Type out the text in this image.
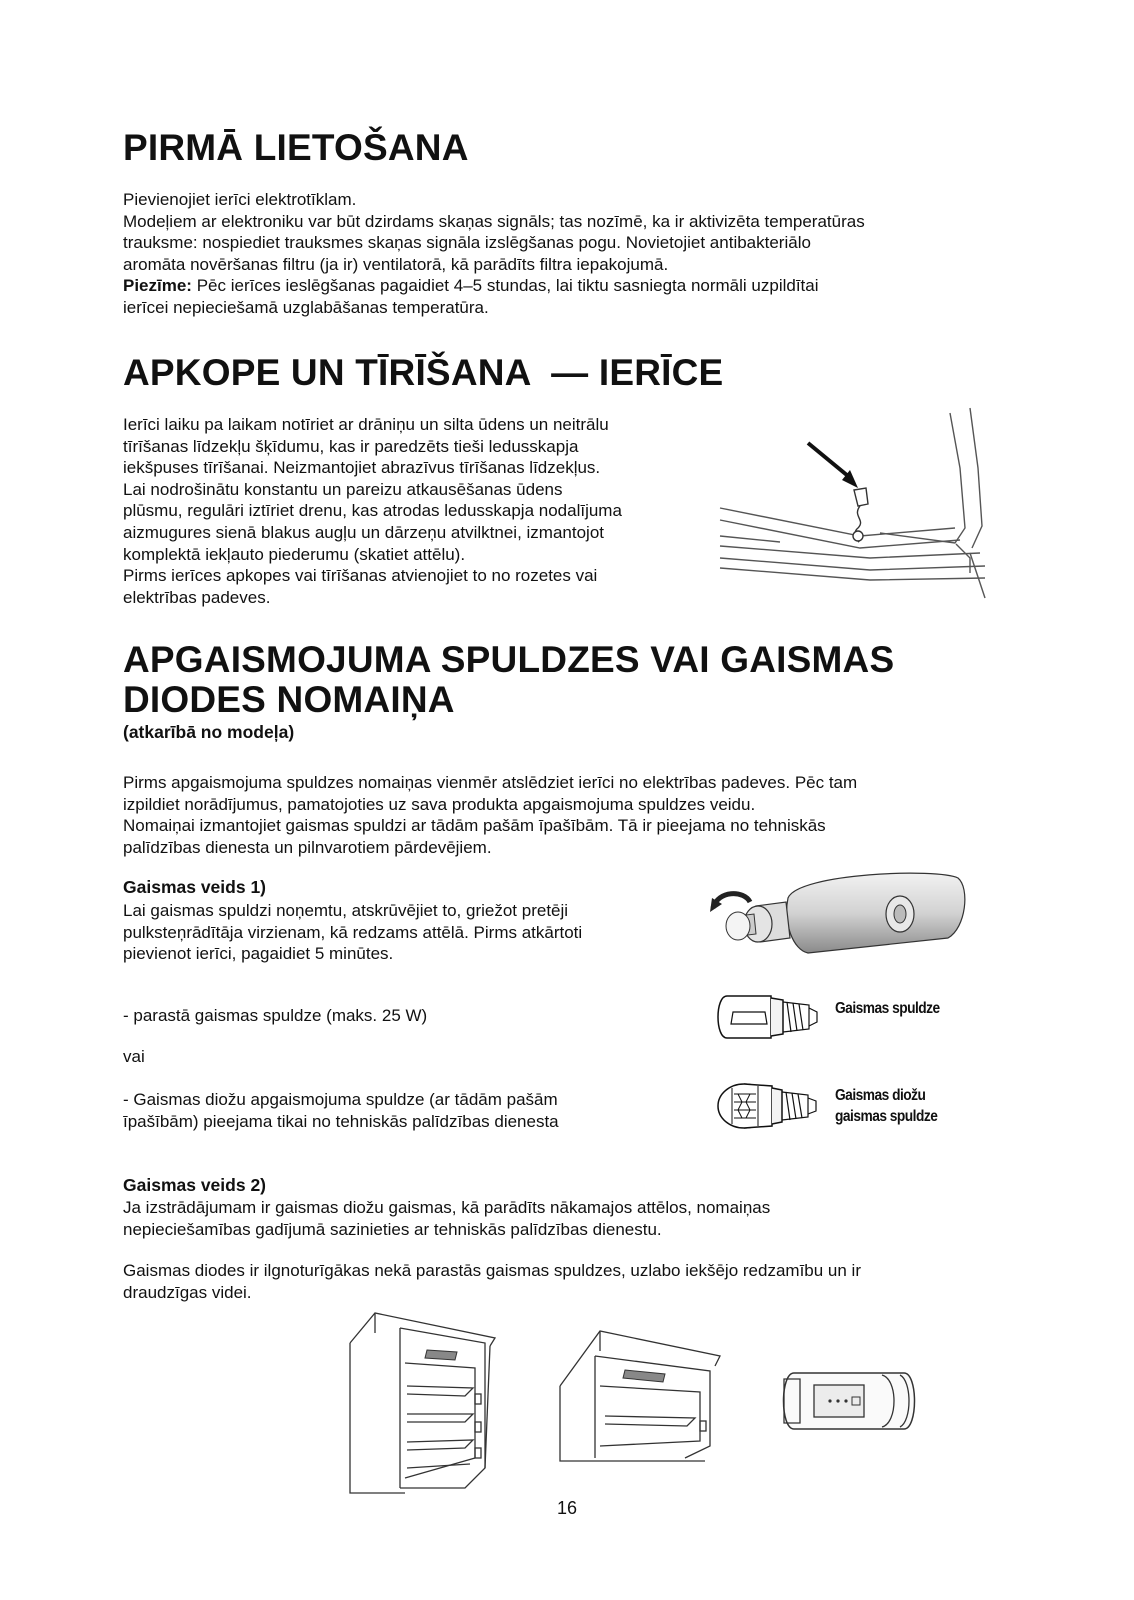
PIRMĀ LIETOŠANA
Pievienojiet ierīci elektrotīklam.
Modeļiem ar elektroniku var būt dzirdams skaņas signāls; tas nozīmē, ka ir aktivizēta temperatūras
trauksme: nospiediet trauksmes skaņas signāla izslēgšanas pogu. Novietojiet antibakteriālo
aromāta novēršanas filtru (ja ir) ventilatorā, kā parādīts filtra iepakojumā.
Piezīme: Pēc ierīces ieslēgšanas pagaidiet 4–5 stundas, lai tiktu sasniegta normāli uzpildītai
ierīcei nepieciešamā uzglabāšanas temperatūra.
APKOPE UN TĪRĪŠANA  — IERĪCE
Ierīci laiku pa laikam notīriet ar drāniņu un silta ūdens un neitrālu
tīrīšanas līdzekļu šķīdumu, kas ir paredzēts tieši ledusskapja
iekšpuses tīrīšanai. Neizmantojiet abrazīvus tīrīšanas līdzekļus.
Lai nodrošinātu konstantu un pareizu atkausēšanas ūdens
plūsmu, regulāri iztīriet drenu, kas atrodas ledusskapja nodalījuma
aizmugures sienā blakus augļu un dārzeņu atvilktnei, izmantojot
komplektā iekļauto piederumu (skatiet attēlu).
Pirms ierīces apkopes vai tīrīšanas atvienojiet to no rozetes vai
elektrības padeves.
APGAISMOJUMA SPULDZES VAI GAISMAS
DIODES NOMAIŅA
(atkarībā no modeļa)
Pirms apgaismojuma spuldzes nomaiņas vienmēr atslēdziet ierīci no elektrības padeves. Pēc tam
izpildiet norādījumus, pamatojoties uz sava produkta apgaismojuma spuldzes veidu.
Nomaiņai izmantojiet gaismas spuldzi ar tādām pašām īpašībām. Tā ir pieejama no tehniskās
palīdzības dienesta un pilnvarotiem pārdevējiem.
Gaismas veids 1)
Lai gaismas spuldzi noņemtu, atskrūvējiet to, griežot pretēji
pulksteņrādītāja virzienam, kā redzams attēlā. Pirms atkārtoti
pievienot ierīci, pagaidiet 5 minūtes.
- parastā gaismas spuldze (maks. 25 W)
vai
- Gaismas diožu apgaismojuma spuldze (ar tādām pašām
īpašībām) pieejama tikai no tehniskās palīdzības dienesta
Gaismas spuldze
Gaismas diožu
gaismas spuldze
Gaismas veids 2)
Ja izstrādājumam ir gaismas diožu gaismas, kā parādīts nākamajos attēlos, nomaiņas
nepieciešamības gadījumā sazinieties ar tehniskās palīdzības dienestu.
Gaismas diodes ir ilgnoturīgākas nekā parastās gaismas spuldzes, uzlabo iekšējo redzamību un ir
draudzīgas videi.
16
